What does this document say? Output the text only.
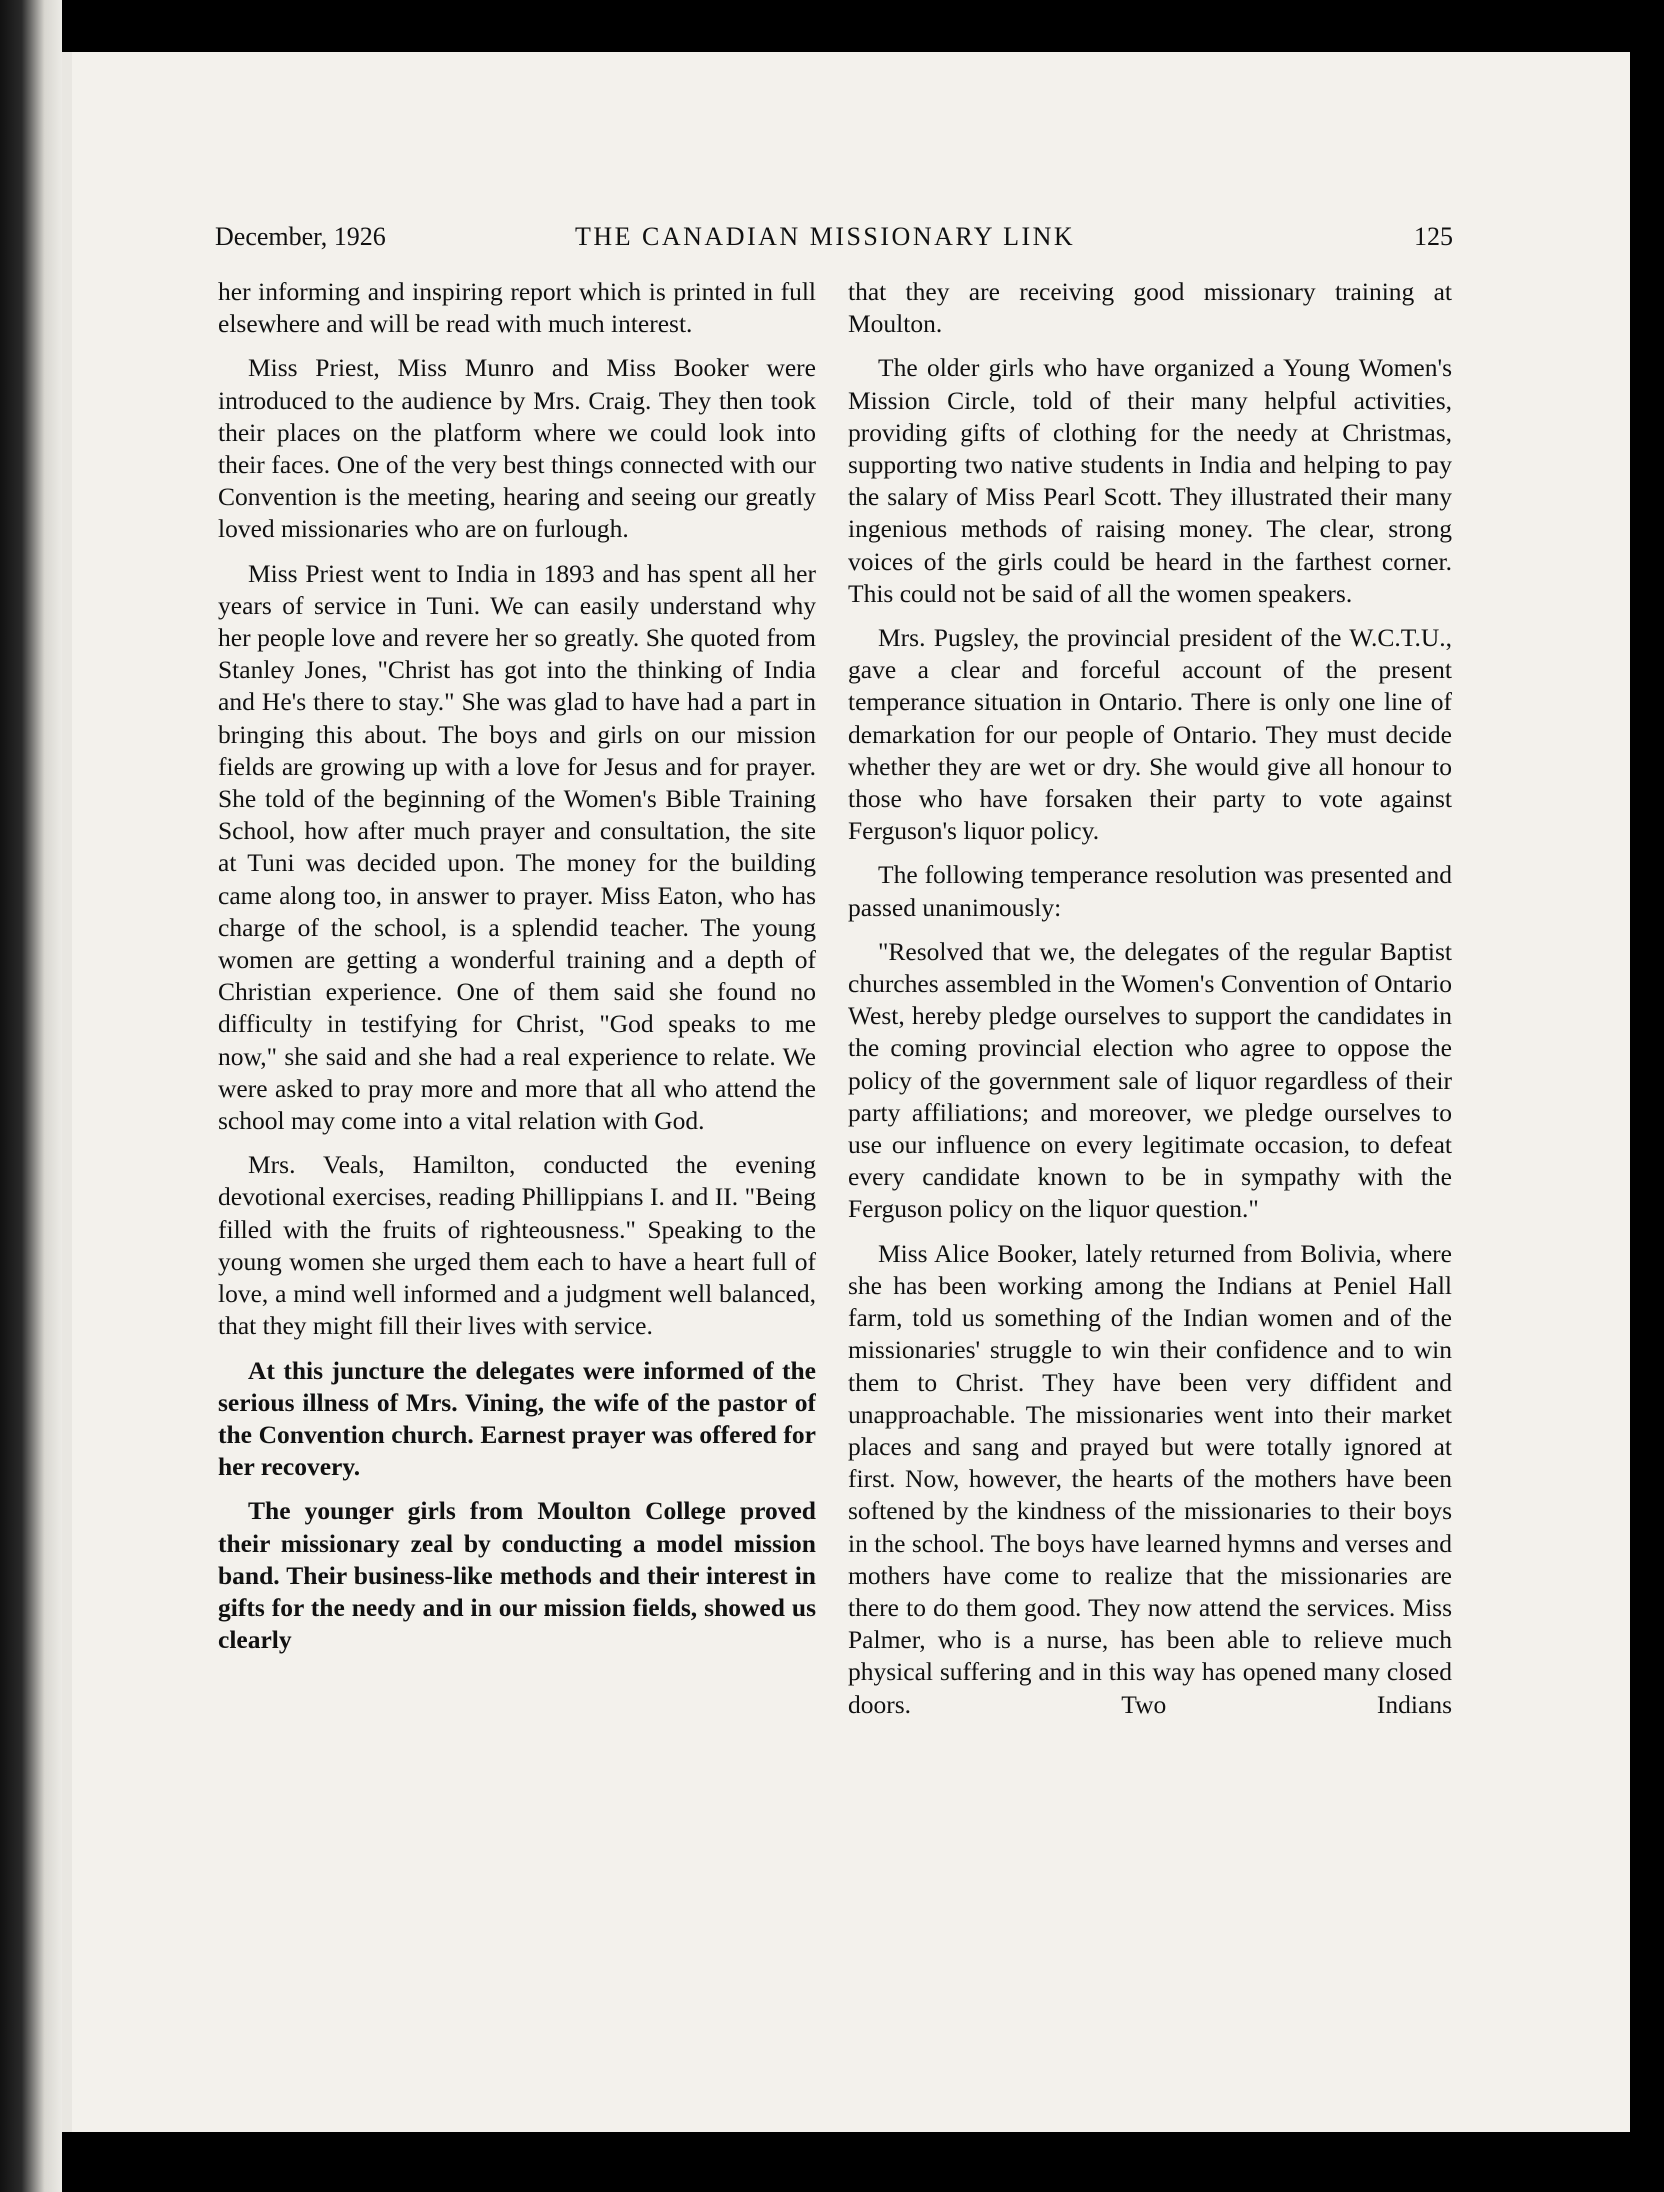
December, 1926	THE CANADIAN MISSIONARY LINK	125

her informing and inspiring report which is printed in full elsewhere and will be read with much interest.

Miss Priest, Miss Munro and Miss Booker were introduced to the audience by Mrs. Craig. They then took their places on the platform where we could look into their faces. One of the very best things connected with our Convention is the meeting, hearing and seeing our greatly loved missionaries who are on furlough.

Miss Priest went to India in 1893 and has spent all her years of service in Tuni. We can easily understand why her people love and revere her so greatly. She quoted from Stanley Jones, "Christ has got into the thinking of India and He's there to stay." She was glad to have had a part in bringing this about. The boys and girls on our mission fields are growing up with a love for Jesus and for prayer. She told of the beginning of the Women's Bible Training School, how after much prayer and consultation, the site at Tuni was decided upon. The money for the building came along too, in answer to prayer. Miss Eaton, who has charge of the school, is a splendid teacher. The young women are getting a wonderful training and a depth of Christian experience. One of them said she found no difficulty in testifying for Christ, "God speaks to me now," she said and she had a real experience to relate. We were asked to pray more and more that all who attend the school may come into a vital relation with God.

Mrs. Veals, Hamilton, conducted the evening devotional exercises, reading Phillippians I. and II. "Being filled with the fruits of righteousness." Speaking to the young women she urged them each to have a heart full of love, a mind well informed and a judgment well balanced, that they might fill their lives with service.

At this juncture the delegates were informed of the serious illness of Mrs. Vining, the wife of the pastor of the Convention church. Earnest prayer was offered for her recovery.

The younger girls from Moulton College proved their missionary zeal by conducting a model mission band. Their business-like methods and their interest in gifts for the needy and in our mission fields, showed us clearly

that they are receiving good missionary training at Moulton.

The older girls who have organized a Young Women's Mission Circle, told of their many helpful activities, providing gifts of clothing for the needy at Christmas, supporting two native students in India and helping to pay the salary of Miss Pearl Scott. They illustrated their many ingenious methods of raising money. The clear, strong voices of the girls could be heard in the farthest corner. This could not be said of all the women speakers.

Mrs. Pugsley, the provincial president of the W.C.T.U., gave a clear and forceful account of the present temperance situation in Ontario. There is only one line of demarkation for our people of Ontario. They must decide whether they are wet or dry. She would give all honour to those who have forsaken their party to vote against Ferguson's liquor policy.

The following temperance resolution was presented and passed unanimously:

"Resolved that we, the delegates of the regular Baptist churches assembled in the Women's Convention of Ontario West, hereby pledge ourselves to support the candidates in the coming provincial election who agree to oppose the policy of the government sale of liquor regardless of their party affiliations; and moreover, we pledge ourselves to use our influence on every legitimate occasion, to defeat every candidate known to be in sympathy with the Ferguson policy on the liquor question."

Miss Alice Booker, lately returned from Bolivia, where she has been working among the Indians at Peniel Hall farm, told us something of the Indian women and of the missionaries' struggle to win their confidence and to win them to Christ. They have been very diffident and unapproachable. The missionaries went into their market places and sang and prayed but were totally ignored at first. Now, however, the hearts of the mothers have been softened by the kindness of the missionaries to their boys in the school. The boys have learned hymns and verses and mothers have come to realize that the missionaries are there to do them good. They now attend the services. Miss Palmer, who is a nurse, has been able to relieve much physical suffering and in this way has opened many closed doors. Two Indians
